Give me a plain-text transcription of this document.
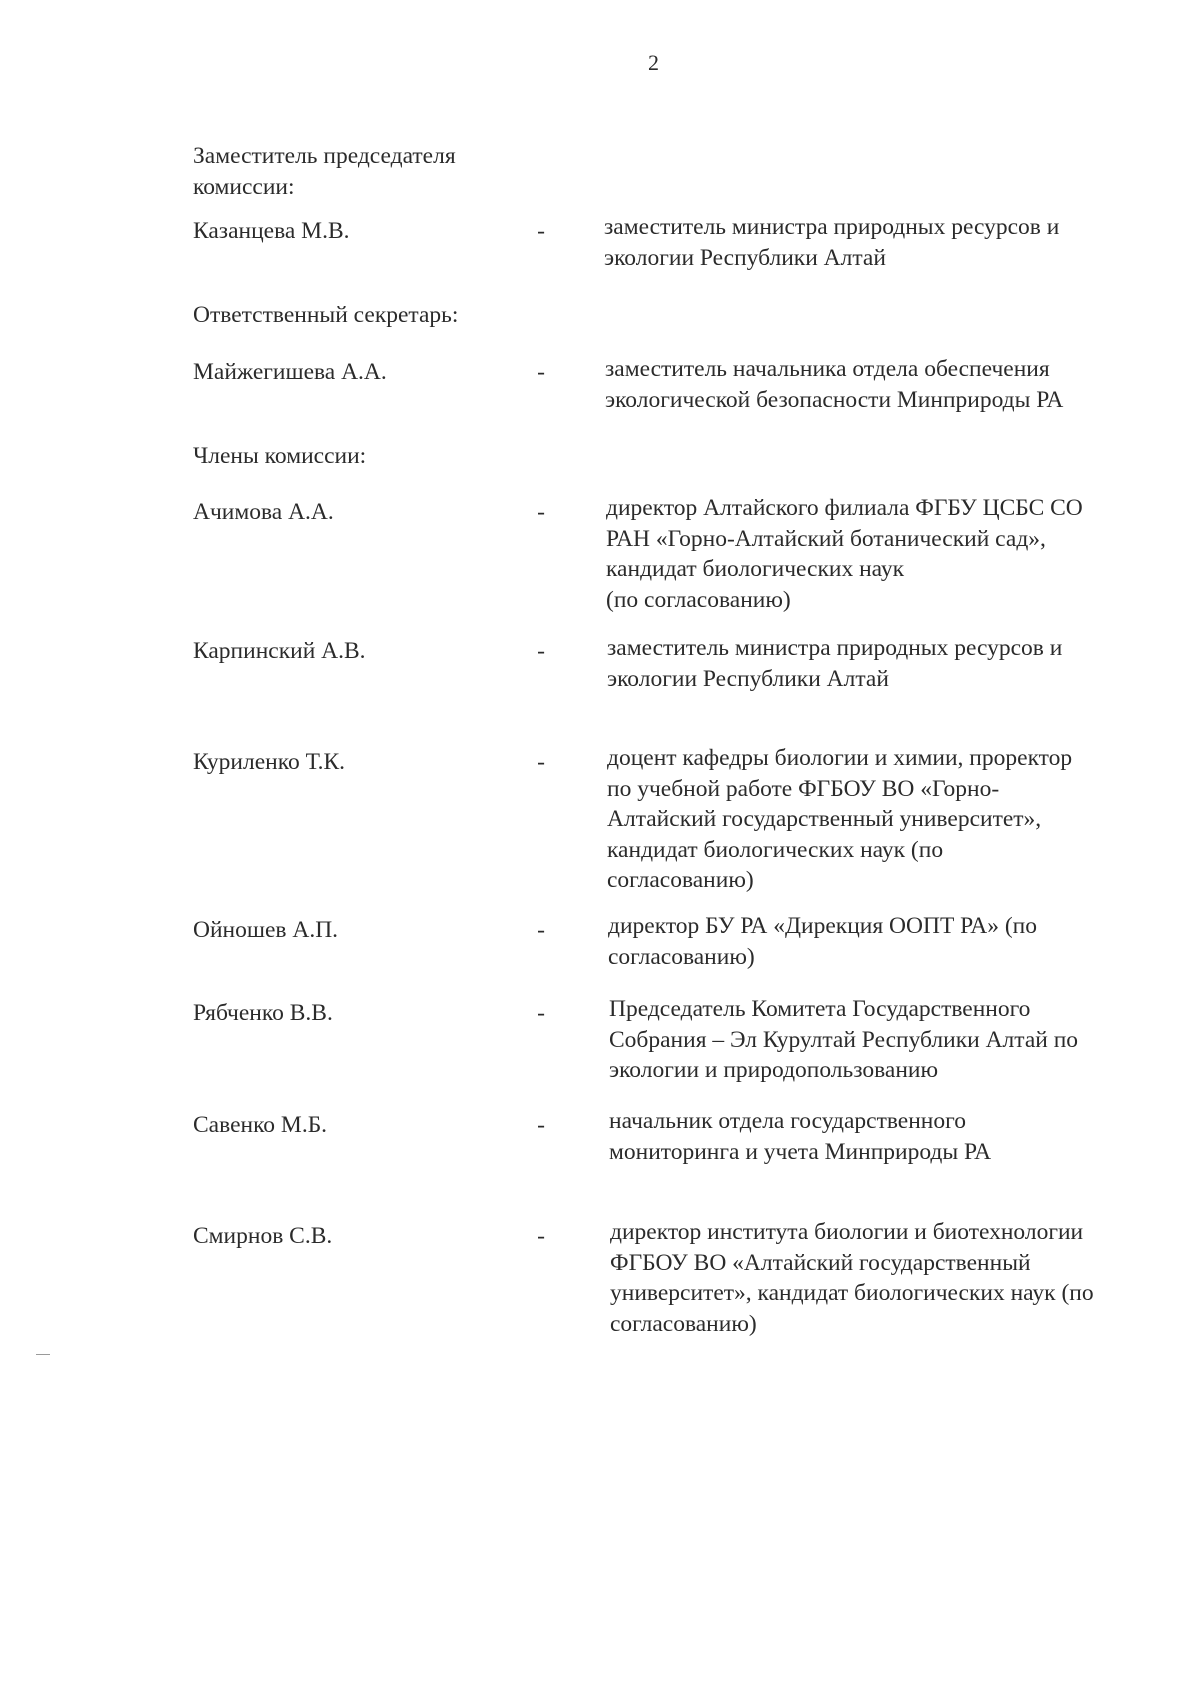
2
Заместитель председателя
комиссии:
Казанцева М.В.	-	заместитель министра природных ресурсов и
экологии Республики Алтай
Ответственный секретарь:
Майжегишева А.А.	-	заместитель начальника отдела обеспечения
экологической безопасности Минприроды РА
Члены комиссии:
Ачимова А.А.	-	директор Алтайского филиала ФГБУ ЦСБС СО
РАН «Горно-Алтайский ботанический сад»,
кандидат биологических наук
(по согласованию)
Карпинский А.В.	-	заместитель министра природных ресурсов и
экологии Республики Алтай
Куриленко Т.К.	-	доцент кафедры биологии и химии, проректор
по учебной работе ФГБОУ ВО «Горно-
Алтайский государственный университет»,
кандидат биологических наук (по
согласованию)
Ойношев А.П.	-	директор БУ РА «Дирекция ООПТ РА» (по
согласованию)
Рябченко В.В.	-	Председатель Комитета Государственного
Собрания – Эл Курултай Республики Алтай по
экологии и природопользованию
Савенко М.Б.	-	начальник отдела государственного
мониторинга и учета Минприроды РА
Смирнов С.В.	-	директор института биологии и биотехнологии
ФГБОУ ВО «Алтайский государственный
университет», кандидат биологических наук (по
согласованию)
